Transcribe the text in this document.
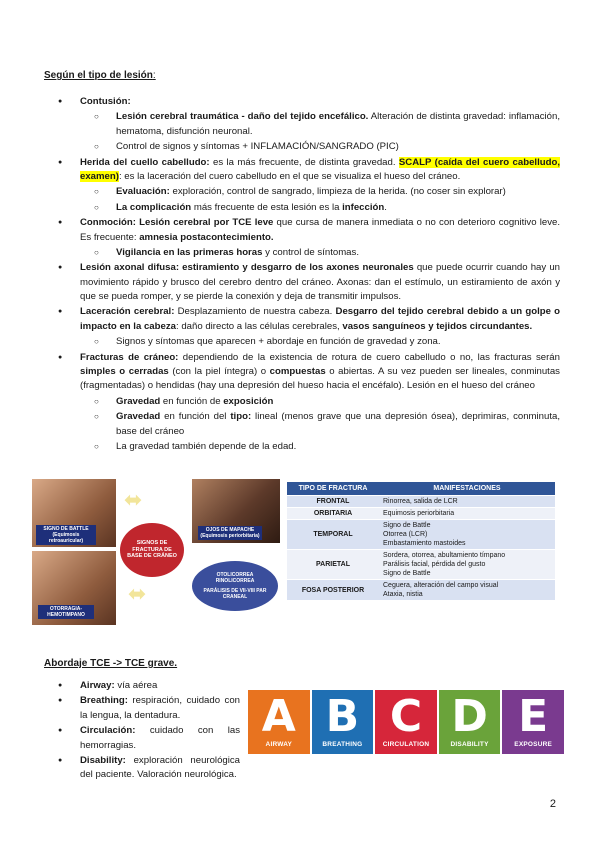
Según el tipo de lesión:
● Contusión:
○ Lesión cerebral traumática - daño del tejido encefálico. Alteración de distinta gravedad: inflamación, hematoma, disfunción neuronal.
○ Control de signos y síntomas + INFLAMACIÓN/SANGRADO (PIC)
● Herida del cuello cabelludo: es la más frecuente, de distinta gravedad. SCALP (caída del cuero cabelludo, examen): es la laceración del cuero cabelludo en el que se visualiza el hueso del cráneo.
○ Evaluación: exploración, control de sangrado, limpieza de la herida. (no coser sin explorar)
○ La complicación más frecuente de esta lesión es la infección.
● Conmoción: Lesión cerebral por TCE leve que cursa de manera inmediata o no con deterioro cognitivo leve. Es frecuente: amnesia postacontecimiento.
○ Vigilancia en las primeras horas y control de síntomas.
● Lesión axonal difusa: estiramiento y desgarro de los axones neuronales que puede ocurrir cuando hay un movimiento rápido y brusco del cerebro dentro del cráneo. Axonas: dan el estímulo, un estiramiento de axón y que se pueda romper, y se pierde la conexión y deja de transmitir impulsos.
● Laceración cerebral: Desplazamiento de nuestra cabeza. Desgarro del tejido cerebral debido a un golpe o impacto en la cabeza: daño directo a las células cerebrales, vasos sanguíneos y tejidos circundantes.
○ Signos y síntomas que aparecen + abordaje en función de gravedad y zona.
● Fracturas de cráneo: dependiendo de la existencia de rotura de cuero cabelludo o no, las fracturas serán simples o cerradas (con la piel íntegra) o compuestas o abiertas. A su vez pueden ser lineales, conminutas (fragmentadas) o hendidas (hay una depresión del hueso hacia el encéfalo). Lesión en el hueso del cráneo
○ Gravedad en función de exposición
○ Gravedad en función del tipo: lineal (menos grave que una depresión ósea), deprimiras, conminuta, base del cráneo
○ La gravedad también depende de la edad.
SIGNO DE BATTLE (Equimosis retroauricular)
OTORRAGIA- HEMOTIMPANO
OJOS DE MAPACHE (Equimosis periorbitaria)
⬌
SIGNOS DE FRACTURA DE BASE DE CRÁNEO
⬌
OTOLICORREA RINOLICORREA
PARÁLISIS DE VII-VIII PAR CRANEAL
TIPO DE FRACTURA	MANIFESTACIONES
FRONTAL	Rinorrea, salida de LCR

ORBITARIA	Equimosis periorbitaria

TEMPORAL	Signo de Battle
Otorrea (LCR)
Embastamiento mastoides

PARIETAL	Sordera, otorrea, abultamiento tímpano
Parálisis facial, pérdida del gusto
Signo de Battle

FOSA POSTERIOR	Ceguera, alteración del campo visual
Ataxia, nistia
Abordaje TCE -> TCE grave.
● Airway: vía aérea
● Breathing: respiración, cuidado con la lengua, la dentadura.
● Circulación: cuidado con las hemorragias.
● Disability: exploración neurológica del paciente. Valoración neurológica.
A
AIRWAY
B
BREATHING
C
CIRCULATION
D
DISABILITY
E
EXPOSURE
2
